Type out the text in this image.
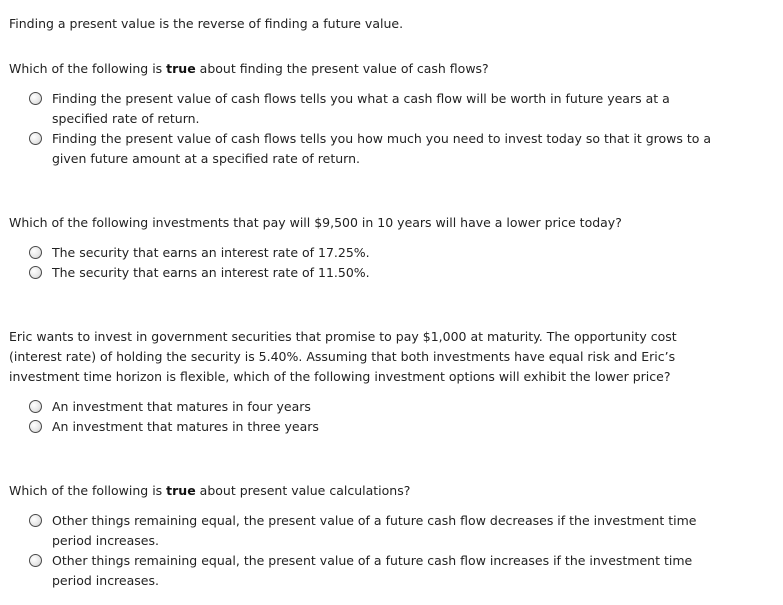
Finding a present value is the reverse of finding a future value.

Which of the following is true about finding the present value of cash flows?

Finding the present value of cash flows tells you what a cash flow will be worth in future years at a specified rate of return.
Finding the present value of cash flows tells you how much you need to invest today so that it grows to a given future amount at a specified rate of return.

Which of the following investments that pay will $9,500 in 10 years will have a lower price today?

The security that earns an interest rate of 17.25%.
The security that earns an interest rate of 11.50%.

Eric wants to invest in government securities that promise to pay $1,000 at maturity. The opportunity cost (interest rate) of holding the security is 5.40%. Assuming that both investments have equal risk and Eric’s investment time horizon is flexible, which of the following investment options will exhibit the lower price?

An investment that matures in four years
An investment that matures in three years

Which of the following is true about present value calculations?

Other things remaining equal, the present value of a future cash flow decreases if the investment time period increases.
Other things remaining equal, the present value of a future cash flow increases if the investment time period increases.
